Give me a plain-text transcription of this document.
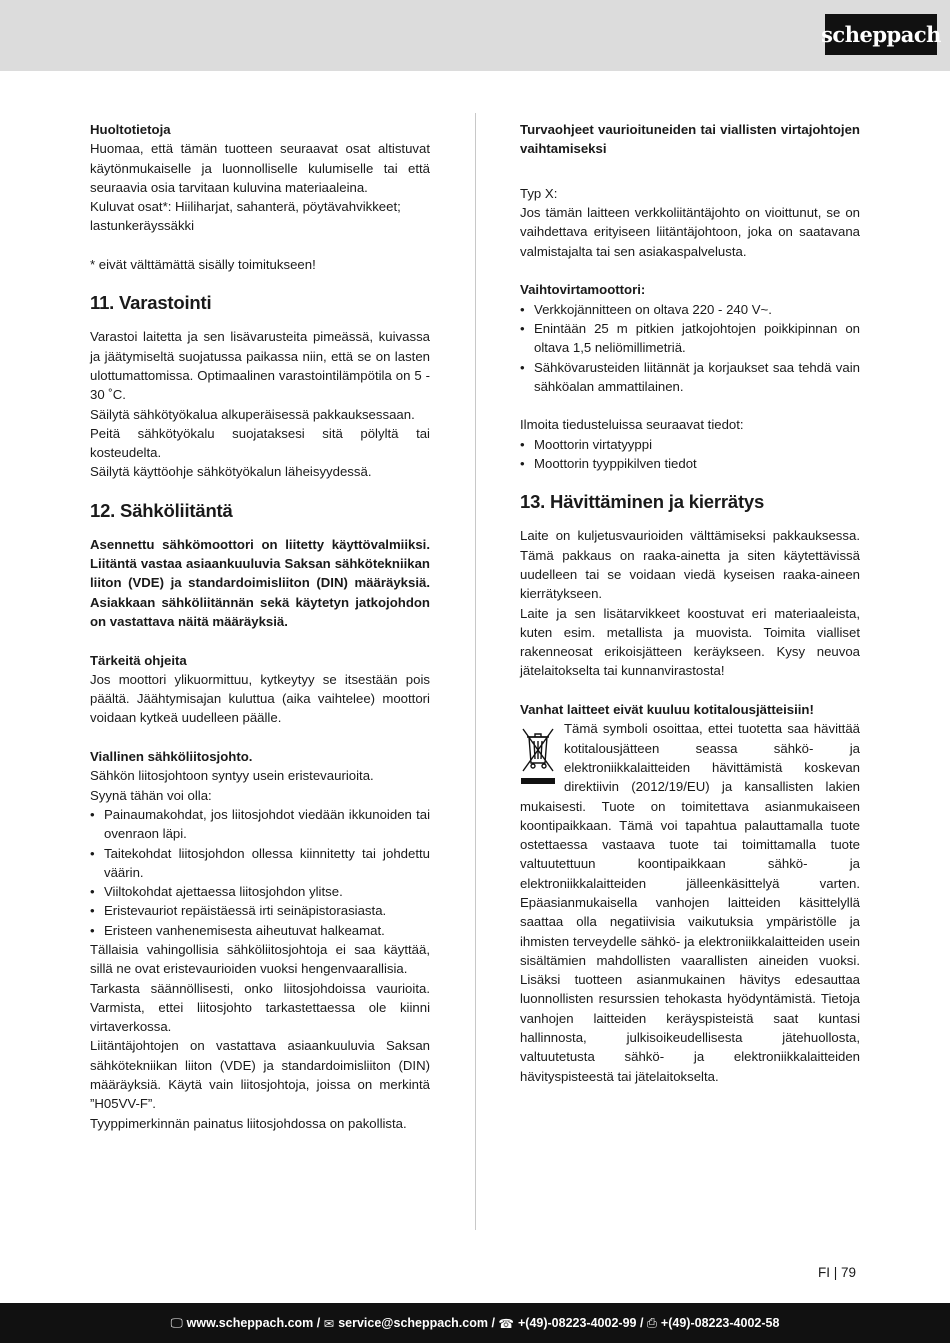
scheppach

Huoltotietoja

Huomaa, että tämän tuotteen seuraavat osat altistuvat käytönmukaiselle ja luonnolliselle kulumiselle tai että seuraavia osia tarvitaan kuluvina materiaaleina.

Kuluvat osat*: Hiiliharjat, sahanterä, pöytävahvikkeet; lastunkeräyssäkki

* eivät välttämättä sisälly toimitukseen!

11. Varastointi

Varastoi laitetta ja sen lisävarusteita pimeässä, kuivassa ja jäätymiseltä suojatussa paikassa niin, että se on lasten ulottumattomissa. Optimaalinen varastointilämpötila on 5 - 30 ˚C.

Säilytä sähkötyökalua alkuperäisessä pakkauksessaan.

Peitä sähkötyökalu suojataksesi sitä pölyltä tai kosteudelta.

Säilytä käyttöohje sähkötyökalun läheisyydessä.

12. Sähköliitäntä

Asennettu sähkömoottori on liitetty käyttövalmiiksi. Liitäntä vastaa asiaankuuluvia Saksan sähkötekniikan liiton (VDE) ja standardoimisliiton (DIN) määräyksiä. Asiakkaan sähköliitännän sekä käytetyn jatkojohdon on vastattava näitä määräyksiä.

Tärkeitä ohjeita

Jos moottori ylikuormittuu, kytkeytyy se itsestään pois päältä. Jäähtymisajan kuluttua (aika vaihtelee) moottori voidaan kytkeä uudelleen päälle.

Viallinen sähköliitosjohto.

Sähkön liitosjohtoon syntyy usein eristevaurioita.

Syynä tähän voi olla:

• Painaumakohdat, jos liitosjohdot viedään ikkunoiden tai ovenraon läpi.
• Taitekohdat liitosjohdon ollessa kiinnitetty tai johdettu väärin.
• Viiltokohdat ajettaessa liitosjohdon ylitse.
• Eristevauriot repäistäessä irti seinäpistorasiasta.
• Eristeen vanhenemisesta aiheutuvat halkeamat.

Tällaisia vahingollisia sähköliitosjohtoja ei saa käyttää, sillä ne ovat eristevaurioiden vuoksi hengenvaarallisia.

Tarkasta säännöllisesti, onko liitosjohdoissa vaurioita. Varmista, ettei liitosjohto tarkastettaessa ole kiinni virtaverkossa.

Liitäntäjohtojen on vastattava asiaankuuluvia Saksan sähkötekniikan liiton (VDE) ja standardoimisliiton (DIN) määräyksiä. Käytä vain liitosjohtoja, joissa on merkintä ”H05VV-F”.

Tyyppimerkinnän painatus liitosjohdossa on pakollista.

Turvaohjeet vaurioituneiden tai viallisten virtajohtojen vaihtamiseksi

Typ X:

Jos tämän laitteen verkkoliitäntäjohto on vioittunut, se on vaihdettava erityiseen liitäntäjohtoon, joka on saatavana valmistajalta tai sen asiakaspalvelusta.

Vaihtovirtamoottori:

• Verkkojännitteen on oltava 220 - 240 V~.
• Enintään 25 m pitkien jatkojohtojen poikkipinnan on oltava 1,5 neliömillimetriä.
• Sähkövarusteiden liitännät ja korjaukset saa tehdä vain sähköalan ammattilainen.

Ilmoita tiedusteluissa seuraavat tiedot:

• Moottorin virtatyyppi
• Moottorin tyyppikilven tiedot
13. Hävittäminen ja kierrätys

Laite on kuljetusvaurioiden välttämiseksi pakkauksessa. Tämä pakkaus on raaka-ainetta ja siten käytettävissä uudelleen tai se voidaan viedä kyseisen raaka-aineen kierrätykseen.

Laite ja sen lisätarvikkeet koostuvat eri materiaaleista, kuten esim. metallista ja muovista. Toimita vialliset rakenneosat erikoisjätteen keräykseen. Kysy neuvoa jätelaitokselta tai kunnanvirastosta!

Vanhat laitteet eivät kuuluu kotitalousjätteisiin!

Tämä symboli osoittaa, ettei tuotetta saa hävittää kotitalousjätteen seassa sähkö- ja elektroniikkalaitteiden hävittämistä koskevan direktiivin (2012/19/EU) ja kansallisten lakien mukaisesti. Tuote on toimitettava asianmukaiseen koontipaikkaan. Tämä voi tapahtua palauttamalla tuote ostettaessa vastaava tuote tai toimittamalla tuote valtuutettuun koontipaikkaan sähkö- ja elektroniikkalaitteiden jälleenkäsittelyä varten. Epäasianmukaisella vanhojen laitteiden käsittelyllä saattaa olla negatiivisia vaikutuksia ympäristölle ja ihmisten terveydelle sähkö- ja elektroniikkalaitteiden usein sisältämien mahdollisten vaarallisten aineiden vuoksi. Lisäksi tuotteen asianmukainen hävitys edesauttaa luonnollisten resurssien tehokasta hyödyntämistä. Tietoja vanhojen laitteiden keräyspisteistä saat kuntasi hallinnosta, julkisoikeudellisesta jätehuollosta, valtuutetusta sähkö- ja elektroniikkalaitteiden hävityspisteestä tai jätelaitokselta.

FI | 79
🖵 www.scheppach.com /
✉ service@scheppach.com /
☎ +(49)-08223-4002-99 /
⎙ +(49)-08223-4002-58
